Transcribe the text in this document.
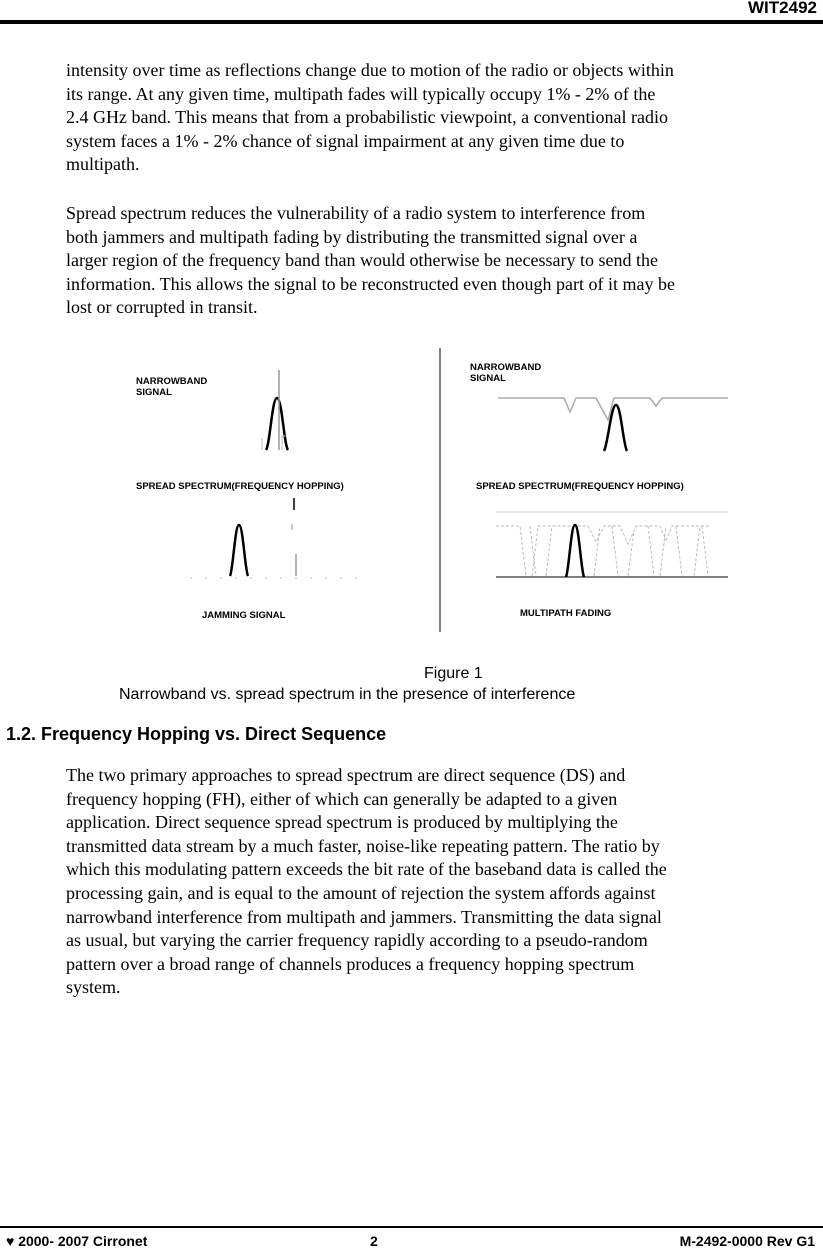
WIT2492
intensity over time as reflections change due to motion of the radio or objects within
its range. At any given time, multipath fades will typically occupy 1% - 2% of the
2.4 GHz band. This means that from a probabilistic viewpoint, a conventional radio
system faces a 1% - 2% chance of signal impairment at any given time due to
multipath.
Spread spectrum reduces the vulnerability of a radio system to interference from
both jammers and multipath fading by distributing the transmitted signal over a
larger region of the frequency band than would otherwise be necessary to send the
information. This allows the signal to be reconstructed even though part of it may be
lost or corrupted in transit.
NARROWBAND
SIGNAL
SPREAD SPECTRUM(FREQUENCY HOPPING)
JAMMING SIGNAL
NARROWBAND
SIGNAL
SPREAD SPECTRUM(FREQUENCY HOPPING)
MULTIPATH FADING
Figure 1
Narrowband vs. spread spectrum in the presence of interference
1.2. Frequency Hopping vs. Direct Sequence
The two primary approaches to spread spectrum are direct sequence (DS) and
frequency hopping (FH), either of which can generally be adapted to a given
application. Direct sequence spread spectrum is produced by multiplying the
transmitted data stream by a much faster, noise-like repeating pattern. The ratio by
which this modulating pattern exceeds the bit rate of the baseband data is called the
processing gain, and is equal to the amount of rejection the system affords against
narrowband interference from multipath and jammers. Transmitting the data signal
as usual, but varying the carrier frequency rapidly according to a pseudo-random
pattern over a broad range of channels produces a frequency hopping spectrum
system.
♥ 2000- 2007 Cirronet	2	M-2492-0000 Rev G1
